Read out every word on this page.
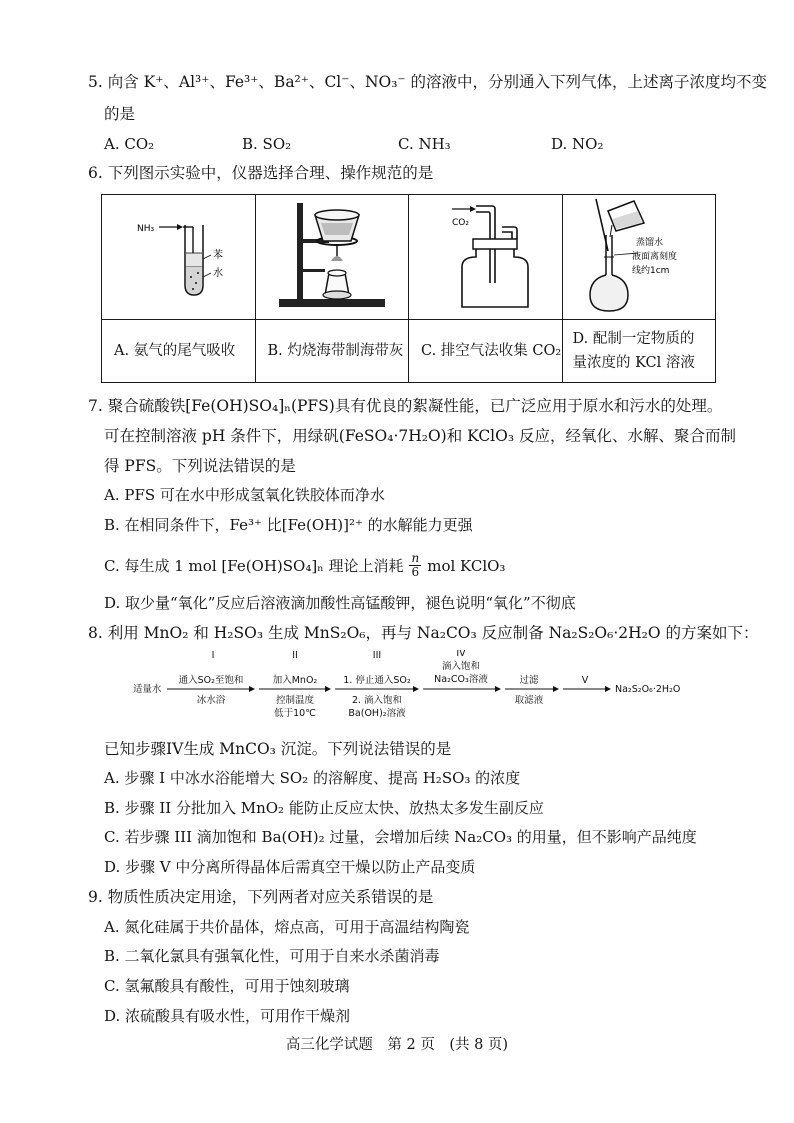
5. 向含 K⁺、Al³⁺、Fe³⁺、Ba²⁺、Cl⁻、NO₃⁻ 的溶液中，分别通入下列气体，上述离子浓度均不变
的是
A. CO₂	B. SO₂	C. NH₃	D. NO₂
6. 下列图示实验中，仪器选择合理、操作规范的是
NH₃
苯
水		CO₂	蒸馏水
液面离刻度
线约1cm

A. 氨气的尾气吸收	B. 灼烧海带制海带灰	C. 排空气法收集 CO₂	D. 配制一定物质的
量浓度的 KCl 溶液
7. 聚合硫酸铁[Fe(OH)SO₄]ₙ(PFS)具有优良的絮凝性能，已广泛应用于原水和污水的处理。
可在控制溶液 pH 条件下，用绿矾(FeSO₄·7H₂O)和 KClO₃ 反应，经氧化、水解、聚合而制
得 PFS。下列说法错误的是
A. PFS 可在水中形成氢氧化铁胶体而净水
B. 在相同条件下，Fe³⁺ 比[Fe(OH)]²⁺ 的水解能力更强
C. 每生成 1 mol [Fe(OH)SO₄]ₙ 理论上消耗 $\frac{n}{6}$ mol KClO₃
D. 取少量“氧化”反应后溶液滴加酸性高锰酸钾，褪色说明“氧化”不彻底
8. 利用 MnO₂ 和 H₂SO₃ 生成 MnS₂O₆，再与 Na₂CO₃ 反应制备 Na₂S₂O₆·2H₂O 的方案如下：
适量水
I
通入SO₂至饱和
冰水浴
II
加入MnO₂
控制温度
低于10℃
III
1. 停止通入SO₂
2. 滴入饱和
Ba(OH)₂溶液
IV
滴入饱和
Na₂CO₃溶液	过滤
取滤液
V
Na₂S₂O₆·2H₂O
已知步骤IV生成 MnCO₃ 沉淀。下列说法错误的是
A. 步骤 I 中冰水浴能增大 SO₂ 的溶解度、提高 H₂SO₃ 的浓度
B. 步骤 II 分批加入 MnO₂ 能防止反应太快、放热太多发生副反应
C. 若步骤 III 滴加饱和 Ba(OH)₂ 过量，会增加后续 Na₂CO₃ 的用量，但不影响产品纯度
D. 步骤 V 中分离所得晶体后需真空干燥以防止产品变质
9. 物质性质决定用途，下列两者对应关系错误的是
A. 氮化硅属于共价晶体，熔点高，可用于高温结构陶瓷
B. 二氧化氯具有强氧化性，可用于自来水杀菌消毒
C. 氢氟酸具有酸性，可用于蚀刻玻璃
D. 浓硫酸具有吸水性，可用作干燥剂
高三化学试题　第 2 页　(共 8 页)
